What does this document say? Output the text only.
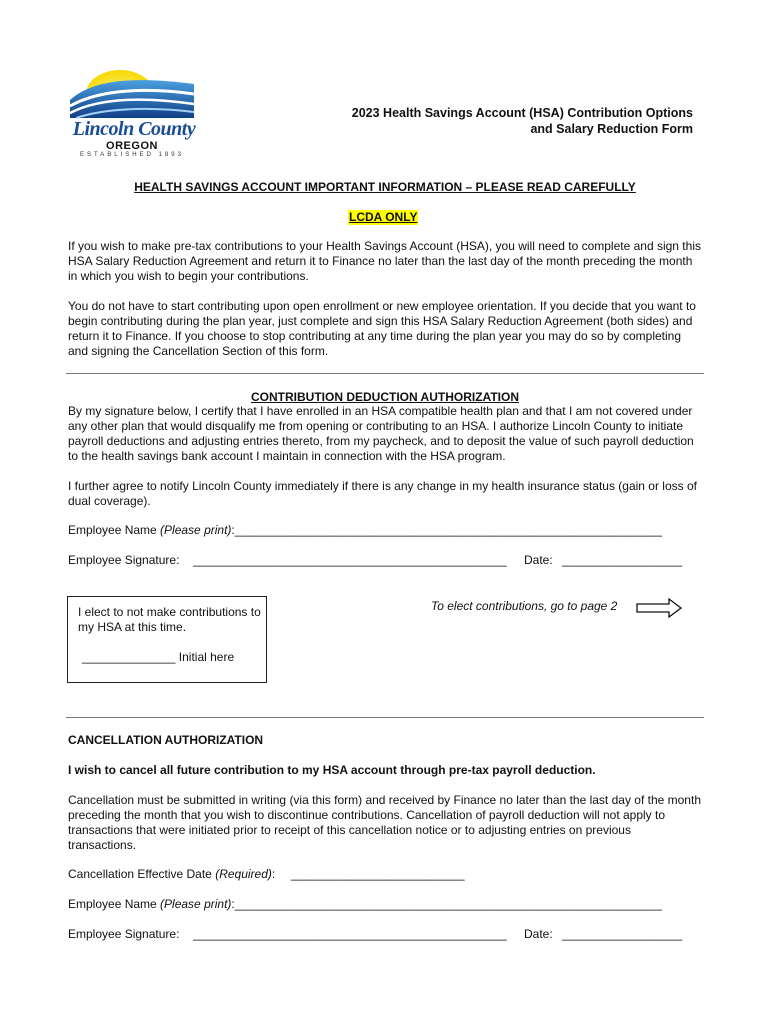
Lincoln County
OREGON
ESTABLISHED 1893
2023 Health Savings Account (HSA) Contribution Options
and Salary Reduction Form
HEALTH SAVINGS ACCOUNT IMPORTANT INFORMATION – PLEASE READ CAREFULLY
LCDA ONLY
If you wish to make pre-tax contributions to your Health Savings Account (HSA), you will need to complete and sign this HSA Salary Reduction Agreement and return it to Finance no later than the last day of the month preceding the month in which you wish to begin your contributions.
You do not have to start contributing upon open enrollment or new employee orientation. If you decide that you want to begin contributing during the plan year, just complete and sign this HSA Salary Reduction Agreement (both sides) and return it to Finance. If you choose to stop contributing at any time during the plan year you may do so by completing and signing the Cancellation Section of this form.
CONTRIBUTION DEDUCTION AUTHORIZATION
By my signature below, I certify that I have enrolled in an HSA compatible health plan and that I am not covered under any other plan that would disqualify me from opening or contributing to an HSA. I authorize Lincoln County to initiate payroll deductions and adjusting entries thereto, from my paycheck, and to deposit the value of such payroll deduction to the health savings bank account I maintain in connection with the HSA program.
I further agree to notify Lincoln County immediately if there is any change in my health insurance status (gain or loss of dual coverage).
Employee Name (Please print):________________________________________________________________
Employee Signature: _______________________________________________ Date: __________________
I elect to not make contributions to my HSA at this time.
______________ Initial here
To elect contributions, go to page 2
CANCELLATION AUTHORIZATION
I wish to cancel all future contribution to my HSA account through pre-tax payroll deduction.
Cancellation must be submitted in writing (via this form) and received by Finance no later than the last day of the month preceding the month that you wish to discontinue contributions. Cancellation of payroll deduction will not apply to transactions that were initiated prior to receipt of this cancellation notice or to adjusting entries on previous transactions.
Cancellation Effective Date (Required): __________________________
Employee Name (Please print):________________________________________________________________
Employee Signature: _______________________________________________ Date: __________________
